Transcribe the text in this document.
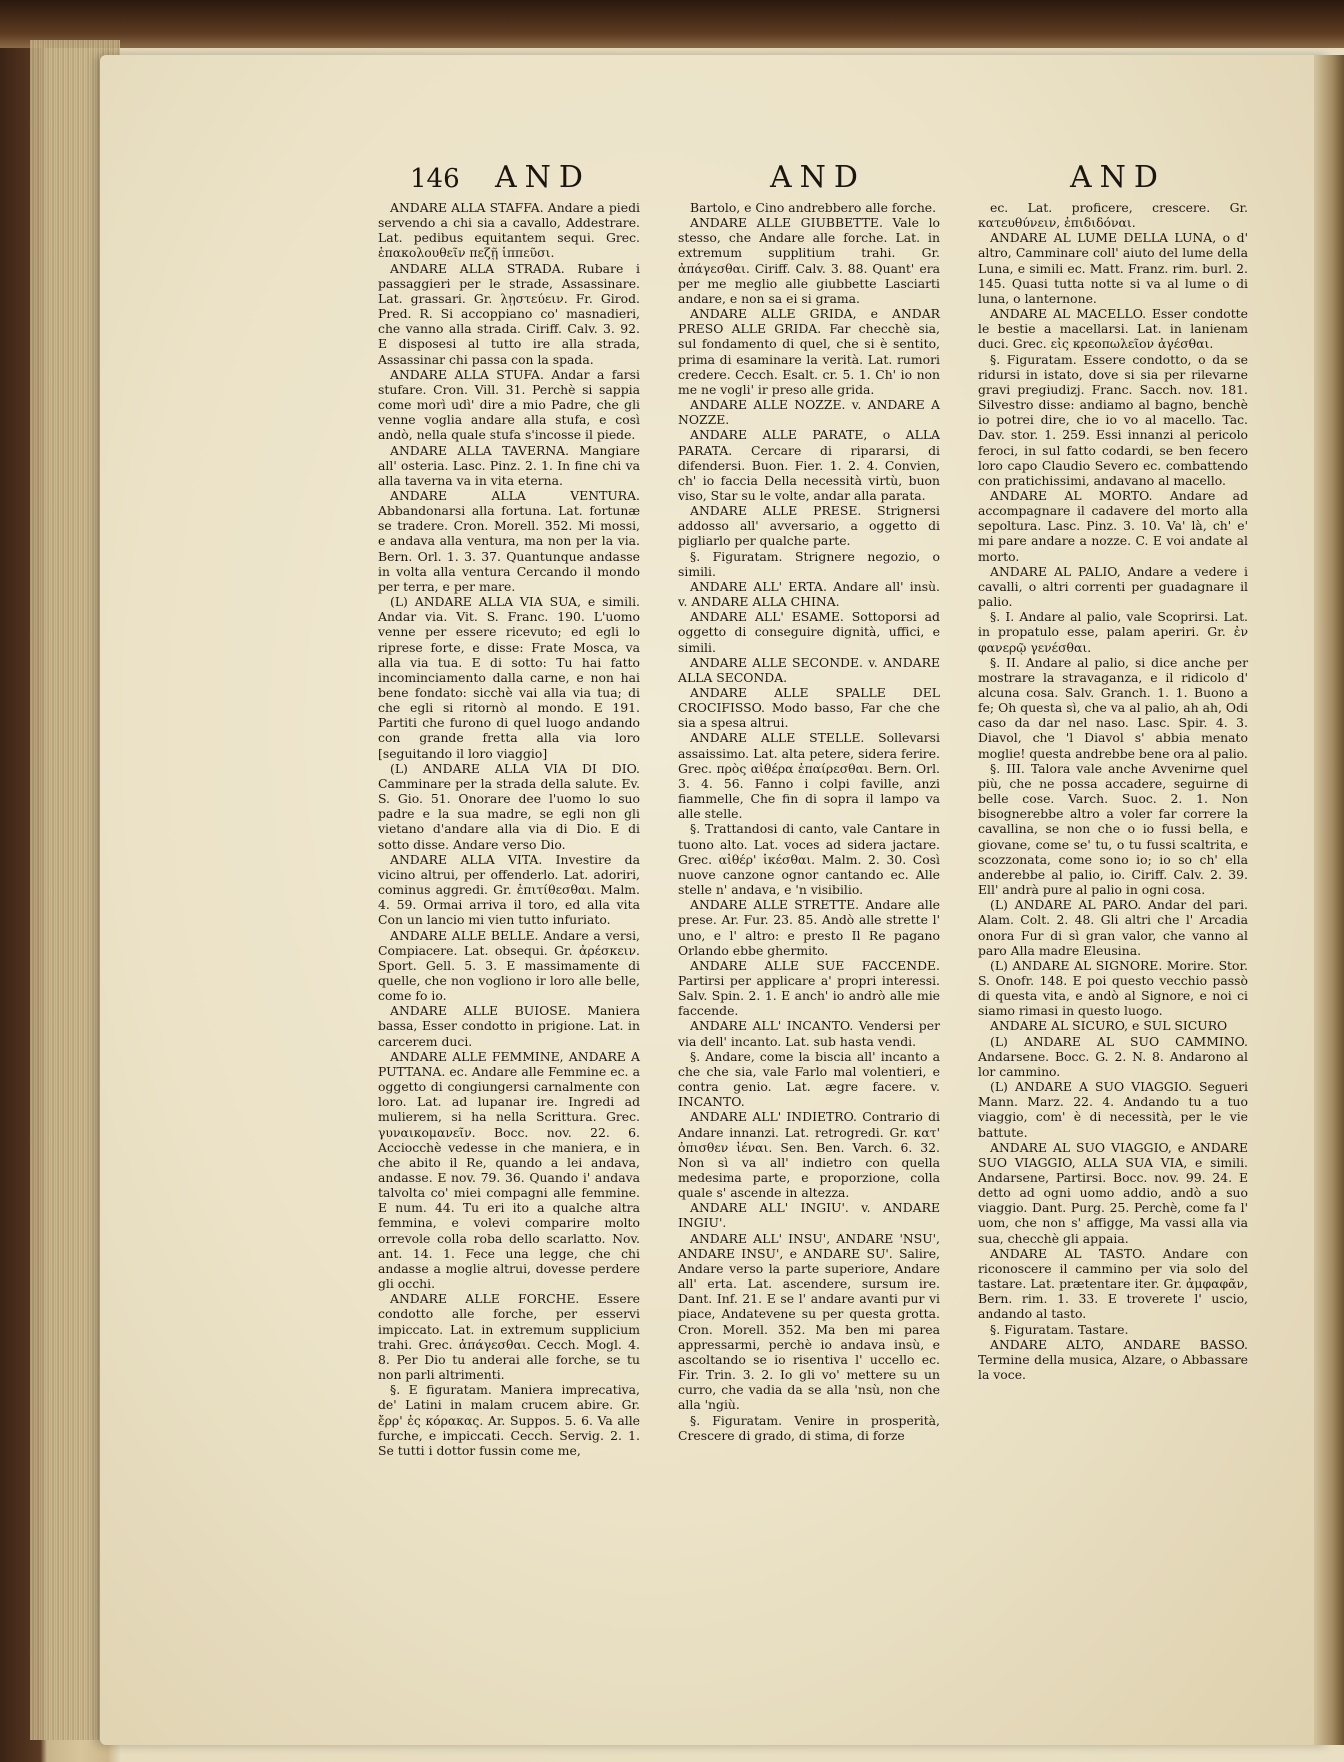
146 AND	AND	AND

ANDARE ALLA STAFFA. Andare a piedi servendo a chi sia a cavallo, Addestrare. Lat. pedibus equitantem sequi. Grec. ἑπακολουθεῖν πεζῇ ἱππεῦσι.

ANDARE ALLA STRADA. Rubare i passaggieri per le strade, Assassinare. Lat. grassari. Gr. λῃστεύειν. Fr. Girod. Pred. R. Si accoppiano co' masnadieri, che vanno alla strada. Ciriff. Calv. 3. 92. E disposesi al tutto ire alla strada, Assassinar chi passa con la spada.

ANDARE ALLA STUFA. Andar a farsi stufare. Cron. Vill. 31. Perchè si sappia come morì udì' dire a mio Padre, che gli venne voglia andare alla stufa, e così andò, nella quale stufa s'incosse il piede.

ANDARE ALLA TAVERNA. Mangiare all' osteria. Lasc. Pinz. 2. 1. In fine chi va alla taverna va in vita eterna.

ANDARE ALLA VENTURA. Abbandonarsi alla fortuna. Lat. fortunæ se tradere. Cron. Morell. 352. Mi mossi, e andava alla ventura, ma non per la via. Bern. Orl. 1. 3. 37. Quantunque andasse in volta alla ventura Cercando il mondo per terra, e per mare.

(L) ANDARE ALLA VIA SUA, e simili. Andar via. Vit. S. Franc. 190. L'uomo venne per essere ricevuto; ed egli lo riprese forte, e disse: Frate Mosca, va alla via tua. E di sotto: Tu hai fatto incominciamento dalla carne, e non hai bene fondato: sicchè vai alla via tua; di che egli si ritornò al mondo. E 191. Partiti che furono di quel luogo andando con grande fretta alla via loro [seguitando il loro viaggio]

(L) ANDARE ALLA VIA DI DIO. Camminare per la strada della salute. Ev. S. Gio. 51. Onorare dee l'uomo lo suo padre e la sua madre, se egli non gli vietano d'andare alla via di Dio. E di sotto disse. Andare verso Dio.

ANDARE ALLA VITA. Investire da vicino altrui, per offenderlo. Lat. adoriri, cominus aggredi. Gr. ἐπιτίθεσθαι. Malm. 4. 59. Ormai arriva il toro, ed alla vita Con un lancio mi vien tutto infuriato.

ANDARE ALLE BELLE. Andare a versi, Compiacere. Lat. obsequi. Gr. ἀρέσκειν. Sport. Gell. 5. 3. E massimamente di quelle, che non vogliono ir loro alle belle, come fo io.

ANDARE ALLE BUIOSE. Maniera bassa, Esser condotto in prigione. Lat. in carcerem duci.

ANDARE ALLE FEMMINE, ANDARE A PUTTANA. ec. Andare alle Femmine ec. a oggetto di congiungersi carnalmente con loro. Lat. ad lupanar ire. Ingredi ad mulierem, si ha nella Scrittura. Grec. γυναικομανεῖν. Bocc. nov. 22. 6. Acciocchè vedesse in che maniera, e in che abito il Re, quando a lei andava, andasse. E nov. 79. 36. Quando i' andava talvolta co' miei compagni alle femmine. E num. 44. Tu eri ito a qualche altra femmina, e volevi comparire molto orrevole colla roba dello scarlatto. Nov. ant. 14. 1. Fece una legge, che chi andasse a moglie altrui, dovesse perdere gli occhi.

ANDARE ALLE FORCHE. Essere condotto alle forche, per esservi impiccato. Lat. in extremum supplicium trahi. Grec. ἀπάγεσθαι. Cecch. Mogl. 4. 8. Per Dio tu anderai alle forche, se tu non parli altrimenti.

§. E figuratam. Maniera imprecativa, de' Latini in malam crucem abire. Gr. ἔρρ' ἐς κόρακας. Ar. Suppos. 5. 6. Va alle furche, e impiccati. Cecch. Servig. 2. 1. Se tutti i dottor fussin come me,

Bartolo, e Cino andrebbero alle forche.

ANDARE ALLE GIUBBETTE. Vale lo stesso, che Andare alle forche. Lat. in extremum supplitium trahi. Gr. ἀπάγεσθαι. Ciriff. Calv. 3. 88. Quant' era per me meglio alle giubbette Lasciarti andare, e non sa ei si grama.

ANDARE ALLE GRIDA, e ANDAR PRESO ALLE GRIDA. Far checchè sia, sul fondamento di quel, che si è sentito, prima di esaminare la verità. Lat. rumori credere. Cecch. Esalt. cr. 5. 1. Ch' io non me ne vogli' ir preso alle grida.

ANDARE ALLE NOZZE. v. ANDARE A NOZZE.

ANDARE ALLE PARATE, o ALLA PARATA. Cercare di ripararsi, di difendersi. Buon. Fier. 1. 2. 4. Convien, ch' io faccia Della necessità virtù, buon viso, Star su le volte, andar alla parata.

ANDARE ALLE PRESE. Strignersi addosso all' avversario, a oggetto di pigliarlo per qualche parte.

§. Figuratam. Strignere negozio, o simili.

ANDARE ALL' ERTA. Andare all' insù. v. ANDARE ALLA CHINA.

ANDARE ALL' ESAME. Sottoporsi ad oggetto di conseguire dignità, uffici, e simili.

ANDARE ALLE SECONDE. v. ANDARE ALLA SECONDA.

ANDARE ALLE SPALLE DEL CROCIFISSO. Modo basso, Far che che sia a spesa altrui.

ANDARE ALLE STELLE. Sollevarsi assaissimo. Lat. alta petere, sidera ferire. Grec. πρὸς αἰθέρα ἐπαίρεσθαι. Bern. Orl. 3. 4. 56. Fanno i colpi faville, anzi fiammelle, Che fin di sopra il lampo va alle stelle.

§. Trattandosi di canto, vale Cantare in tuono alto. Lat. voces ad sidera jactare. Grec. αἰθέρ' ἱκέσθαι. Malm. 2. 30. Così nuove canzone ognor cantando ec. Alle stelle n' andava, e 'n visibilio.

ANDARE ALLE STRETTE. Andare alle prese. Ar. Fur. 23. 85. Andò alle strette l' uno, e l' altro: e presto Il Re pagano Orlando ebbe ghermito.

ANDARE ALLE SUE FACCENDE. Partirsi per applicare a' propri interessi. Salv. Spin. 2. 1. E anch' io andrò alle mie faccende.

ANDARE ALL' INCANTO. Vendersi per via dell' incanto. Lat. sub hasta vendi.

§. Andare, come la biscia all' incanto a che che sia, vale Farlo mal volentieri, e contra genio. Lat. ægre facere. v. INCANTO.

ANDARE ALL' INDIETRO. Contrario di Andare innanzi. Lat. retrogredi. Gr. κατ' ὀπισθεν ἰέναι. Sen. Ben. Varch. 6. 32. Non sì va all' indietro con quella medesima parte, e proporzione, colla quale s' ascende in altezza.

ANDARE ALL' INGIU'. v. ANDARE INGIU'.

ANDARE ALL' INSU', ANDARE 'NSU', ANDARE INSU', e ANDARE SU'. Salire, Andare verso la parte superiore, Andare all' erta. Lat. ascendere, sursum ire. Dant. Inf. 21. E se l' andare avanti pur vi piace, Andatevene su per questa grotta. Cron. Morell. 352. Ma ben mi parea appressarmi, perchè io andava insù, e ascoltando se io risentiva l' uccello ec. Fir. Trin. 3. 2. Io gli vo' mettere su un curro, che vadia da se alla 'nsù, non che alla 'ngiù.

§. Figuratam. Venire in prosperità, Crescere di grado, di stima, di forze

ec. Lat. proficere, crescere. Gr. κατευθύνειν, ἐπιδιδόναι.

ANDARE AL LUME DELLA LUNA, o d' altro, Camminare coll' aiuto del lume della Luna, e simili ec. Matt. Franz. rim. burl. 2. 145. Quasi tutta notte si va al lume o di luna, o lanternone.

ANDARE AL MACELLO. Esser condotte le bestie a macellarsi. Lat. in lanienam duci. Grec. εἰς κρεοπωλεῖον ἀγέσθαι.

§. Figuratam. Essere condotto, o da se ridursi in istato, dove si sia per rilevarne gravi pregiudizj. Franc. Sacch. nov. 181. Silvestro disse: andiamo al bagno, benchè io potrei dire, che io vo al macello. Tac. Dav. stor. 1. 259. Essi innanzi al pericolo feroci, in sul fatto codardi, se ben fecero loro capo Claudio Severo ec. combattendo con pratichissimi, andavano al macello.

ANDARE AL MORTO. Andare ad accompagnare il cadavere del morto alla sepoltura. Lasc. Pinz. 3. 10. Va' là, ch' e' mi pare andare a nozze. C. E voi andate al morto.

ANDARE AL PALIO, Andare a vedere i cavalli, o altri correnti per guadagnare il palio.

§. I. Andare al palio, vale Scoprirsi. Lat. in propatulo esse, palam aperiri. Gr. ἐν φανερῷ γενέσθαι.

§. II. Andare al palio, si dice anche per mostrare la stravaganza, e il ridicolo d' alcuna cosa. Salv. Granch. 1. 1. Buono a fe; Oh questa sì, che va al palio, ah ah, Odi caso da dar nel naso. Lasc. Spir. 4. 3. Diavol, che 'l Diavol s' abbia menato moglie! questa andrebbe bene ora al palio.

§. III. Talora vale anche Avvenirne quel più, che ne possa accadere, seguirne di belle cose. Varch. Suoc. 2. 1. Non bisognerebbe altro a voler far correre la cavallina, se non che o io fussi bella, e giovane, come se' tu, o tu fussi scaltrita, e scozzonata, come sono io; io so ch' ella anderebbe al palio, io. Ciriff. Calv. 2. 39. Ell' andrà pure al palio in ogni cosa.

(L) ANDARE AL PARO. Andar del pari. Alam. Colt. 2. 48. Gli altri che l' Arcadia onora Fur di sì gran valor, che vanno al paro Alla madre Eleusina.

(L) ANDARE AL SIGNORE. Morire. Stor. S. Onofr. 148. E poi questo vecchio passò di questa vita, e andò al Signore, e noi ci siamo rimasi in questo luogo.

ANDARE AL SICURO, e SUL SICURO

(L) ANDARE AL SUO CAMMINO. Andarsene. Bocc. G. 2. N. 8. Andarono al lor cammino.

(L) ANDARE A SUO VIAGGIO. Segueri Mann. Marz. 22. 4. Andando tu a tuo viaggio, com' è di necessità, per le vie battute.

ANDARE AL SUO VIAGGIO, e ANDARE SUO VIAGGIO, ALLA SUA VIA, e simili. Andarsene, Partirsi. Bocc. nov. 99. 24. E detto ad ogni uomo addio, andò a suo viaggio. Dant. Purg. 25. Perchè, come fa l' uom, che non s' affigge, Ma vassi alla via sua, checchè gli appaia.

ANDARE AL TASTO. Andare con riconoscere il cammino per via solo del tastare. Lat. prætentare iter. Gr. ἀμφαφᾶν, Bern. rim. 1. 33. E troverete l' uscio, andando al tasto.

§. Figuratam. Tastare.

ANDARE ALTO, ANDARE BASSO. Termine della musica, Alzare, o Abbassare la voce.
